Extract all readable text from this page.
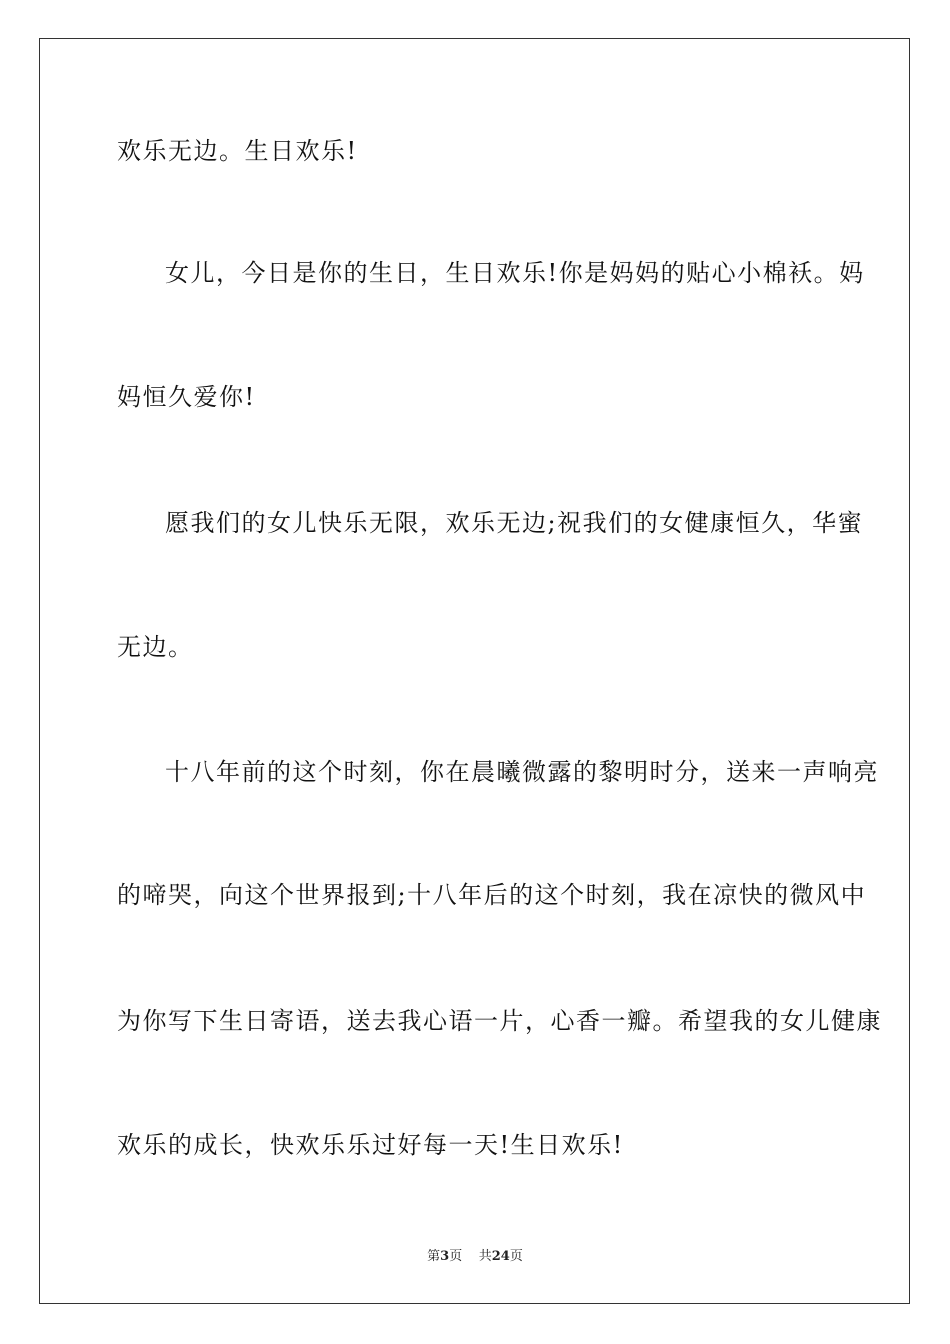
欢乐无边。生日欢乐!
女儿，今日是你的生日，生日欢乐!你是妈妈的贴心小棉袄。妈
妈恒久爱你!
愿我们的女儿快乐无限，欢乐无边;祝我们的女健康恒久，华蜜
无边。
十八年前的这个时刻，你在晨曦微露的黎明时分，送来一声响亮
的啼哭，向这个世界报到;十八年后的这个时刻，我在凉快的微风中
为你写下生日寄语，送去我心语一片，心香一瓣。希望我的女儿健康
欢乐的成长，快欢乐乐过好每一天!生日欢乐!
第3页 共24页
